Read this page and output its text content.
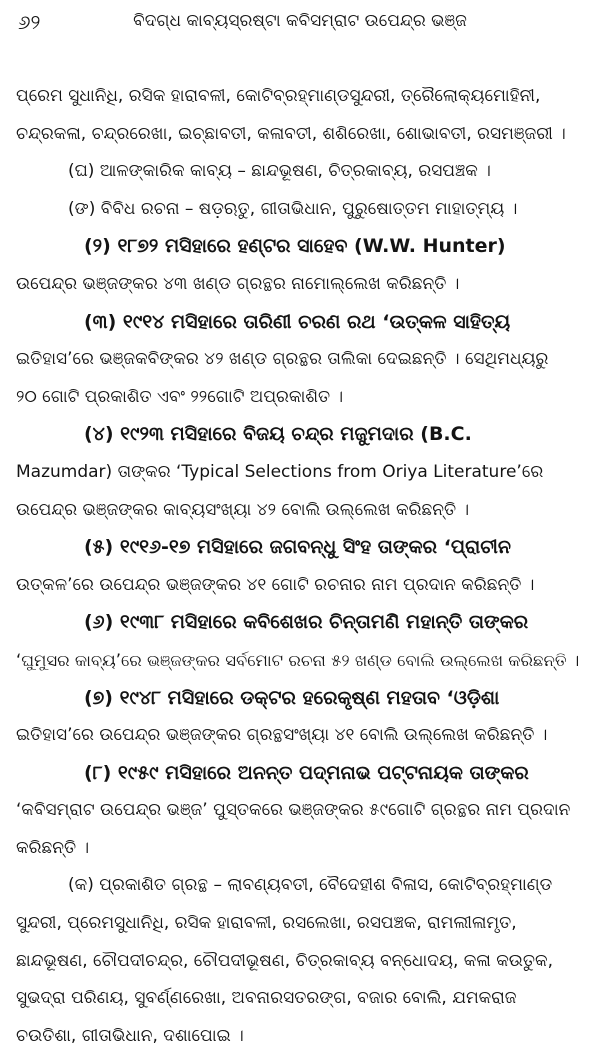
୬୨	ବିଦଗ୍ଧ କାବ୍ୟସ୍ରଷ୍ଟା କବିସମ୍ରାଟ ଉପେନ୍ଦ୍ର ଭଞ୍ଜ
ପ୍ରେମ ସୁଧାନିଧି, ରସିକ ହାରାବଳୀ, କୋଟିବ୍ରହ୍ମାଣ୍ଡସୁନ୍ଦରୀ, ତ୍ରୈଲୋକ୍ୟମୋହିନୀ,
ଚନ୍ଦ୍ରକଳା, ଚନ୍ଦ୍ରରେଖା, ଇଚ୍ଛାବତୀ, କଳାବତୀ, ଶଶିରେଖା, ଶୋଭାବତୀ, ରସମଞ୍ଜରୀ ।
(ଘ) ଆଳଙ୍କାରିକ କାବ୍ୟ – ଛାନ୍ଦଭୂଷଣ, ଚିତ୍ରକାବ୍ୟ, ରସପଞ୍ଚକ ।
(ଙ) ବିବିଧ ରଚନା – ଷଡ଼ଋତୁ, ଗୀତାଭିଧାନ, ପୁରୁଷୋତ୍ତମ ମାହାତ୍ମ୍ୟ ।
(୨) ୧୮୭୨ ମସିହାରେ ହଣ୍ଟର ସାହେବ (W.W. Hunter)
ଉପେନ୍ଦ୍ର ଭଞ୍ଜଙ୍କର ୪୩ ଖଣ୍ଡ ଗ୍ରନ୍ଥର ନାମୋଲ୍ଲେଖ କରିଛନ୍ତି ।
(୩) ୧୯୧୪ ମସିହାରେ ତାରିଣୀ ଚରଣ ରଥ ‘ଉତ୍କଳ ସାହିତ୍ୟ
ଇତିହାସ’ରେ ଭଞ୍ଜକବିଙ୍କର ୪୨ ଖଣ୍ଡ ଗ୍ରନ୍ଥର ତାଲିକା ଦେଇଛନ୍ତି । ସେଥିମଧ୍ୟରୁ
୨୦ ଗୋଟି ପ୍ରକାଶିତ ଏବଂ ୨୨ଗୋଟି ଅପ୍ରକାଶିତ ।
(୪) ୧୯୨୩ ମସିହାରେ ବିଜୟ ଚନ୍ଦ୍ର ମଜୁମଦାର (B.C.
Mazumdar) ତାଙ୍କର ‘Typical Selections from Oriya Literature’ରେ
ଉପେନ୍ଦ୍ର ଭଞ୍ଜଙ୍କର କାବ୍ୟସଂଖ୍ୟା ୪୨ ବୋଲି ଉଲ୍ଲେଖ କରିଛନ୍ତି ।
(୫) ୧୯୧୬-୧୭ ମସିହାରେ ଜଗବନ୍ଧୁ ସିଂହ ତାଙ୍କର ‘ପ୍ରାଚୀନ
ଉତ୍କଳ’ରେ ଉପେନ୍ଦ୍ର ଭଞ୍ଜଙ୍କର ୪୧ ଗୋଟି ରଚନାର ନାମ ପ୍ରଦାନ କରିଛନ୍ତି ।
(୬) ୧୯୩୮ ମସିହାରେ କବିଶେଖର ଚିନ୍ତାମଣି ମହାନ୍ତି ତାଙ୍କର
‘ଘୁମୁସର କାବ୍ୟ’ରେ ଭଞ୍ଜଙ୍କର ସର୍ବମୋଟ ରଚନା ୫୨ ଖଣ୍ଡ ବୋଲି ଉଲ୍ଲେଖ କରିଛନ୍ତି ।
(୭) ୧୯୪୮ ମସିହାରେ ଡକ୍ଟର ହରେକୃଷ୍ଣ ମହତାବ ‘ଓଡ଼ିଶା
ଇତିହାସ’ରେ ଉପେନ୍ଦ୍ର ଭଞ୍ଜଙ୍କର ଗ୍ରନ୍ଥସଂଖ୍ୟା ୪୧ ବୋଲି ଉଲ୍ଲେଖ କରିଛନ୍ତି ।
(୮) ୧୯୫୯ ମସିହାରେ ଅନନ୍ତ ପଦ୍ମନାଭ ପଟ୍ଟନାୟକ ତାଙ୍କର
‘କବିସମ୍ରାଟ ଉପେନ୍ଦ୍ର ଭଞ୍ଜ’ ପୁସ୍ତକରେ ଭଞ୍ଜଙ୍କର ୫୯ଗୋଟି ଗ୍ରନ୍ଥର ନାମ ପ୍ରଦାନ
କରିଛନ୍ତି ।
(କ) ପ୍ରକାଶିତ ଗ୍ରନ୍ଥ – ଲାବଣ୍ୟବତୀ, ବୈଦେହୀଶ ବିଳାସ, କୋଟିବ୍ରହ୍ମାଣ୍ଡ
ସୁନ୍ଦରୀ, ପ୍ରେମସୁଧାନିଧି, ରସିକ ହାରାବଳୀ, ରସଲେଖା, ରସପଞ୍ଚକ, ରାମଲୀଳାମୃତ,
ଛାନ୍ଦଭୂଷଣ, ଚୌପଦୀଚନ୍ଦ୍ର, ଚୌପଦୀଭୂଷଣ, ଚିତ୍ରକାବ୍ୟ ବନ୍ଧୋଦୟ, କଳା କଉତୁକ,
ସୁଭଦ୍ରା ପରିଣୟ, ସୁବର୍ଣ୍ଣରେଖା, ଅବନାରସତରଙ୍ଗ, ବଜାର ବୋଲି, ଯମକରାଜ
ଚଉତିଶା, ଗୀତାଭିଧାନ, ଦଶାପୋଇ ।
